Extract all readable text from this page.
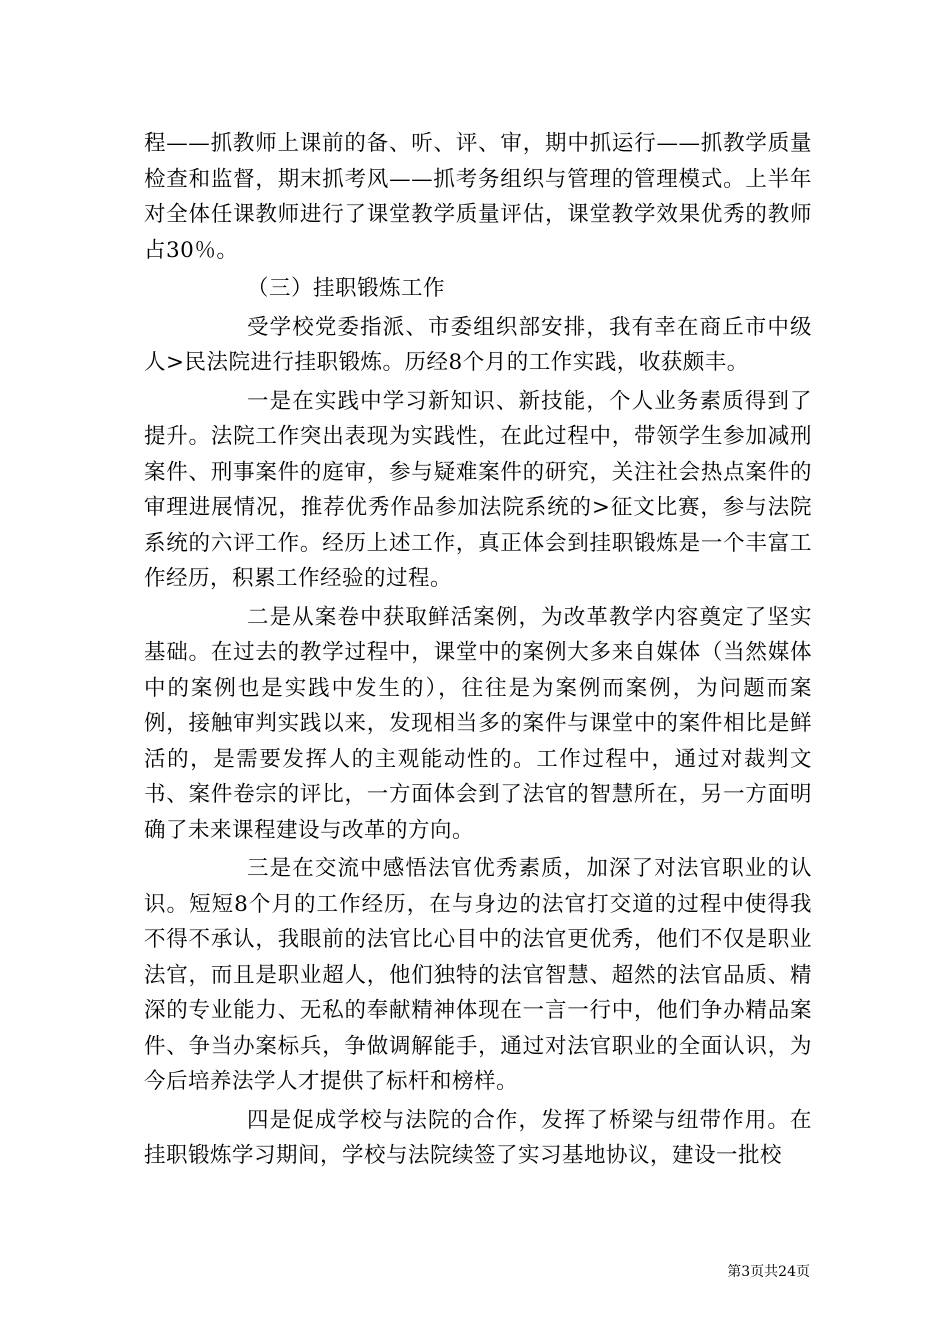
程——抓教师上课前的备、听、评、审，期中抓运行——抓教学质量检查和监督，期末抓考风——抓考务组织与管理的管理模式。上半年对全体任课教师进行了课堂教学质量评估，课堂教学效果优秀的教师占30％。

（三）挂职锻炼工作

受学校党委指派、市委组织部安排，我有幸在商丘市中级人>民法院进行挂职锻炼。历经8个月的工作实践，收获颇丰。

一是在实践中学习新知识、新技能，个人业务素质得到了提升。法院工作突出表现为实践性，在此过程中，带领学生参加减刑案件、刑事案件的庭审，参与疑难案件的研究，关注社会热点案件的审理进展情况，推荐优秀作品参加法院系统的>征文比赛，参与法院系统的六评工作。经历上述工作，真正体会到挂职锻炼是一个丰富工作经历，积累工作经验的过程。

二是从案卷中获取鲜活案例，为改革教学内容奠定了坚实基础。在过去的教学过程中，课堂中的案例大多来自媒体（当然媒体中的案例也是实践中发生的），往往是为案例而案例，为问题而案例，接触审判实践以来，发现相当多的案件与课堂中的案件相比是鲜活的，是需要发挥人的主观能动性的。工作过程中，通过对裁判文书、案件卷宗的评比，一方面体会到了法官的智慧所在，另一方面明确了未来课程建设与改革的方向。

三是在交流中感悟法官优秀素质，加深了对法官职业的认识。短短8个月的工作经历，在与身边的法官打交道的过程中使得我不得不承认，我眼前的法官比心目中的法官更优秀，他们不仅是职业法官，而且是职业超人，他们独特的法官智慧、超然的法官品质、精深的专业能力、无私的奉献精神体现在一言一行中，他们争办精品案件、争当办案标兵，争做调解能手，通过对法官职业的全面认识，为今后培养法学人才提供了标杆和榜样。

四是促成学校与法院的合作，发挥了桥梁与纽带作用。在挂职锻炼学习期间，学校与法院续签了实习基地协议，建设一批校

第3页共24页
